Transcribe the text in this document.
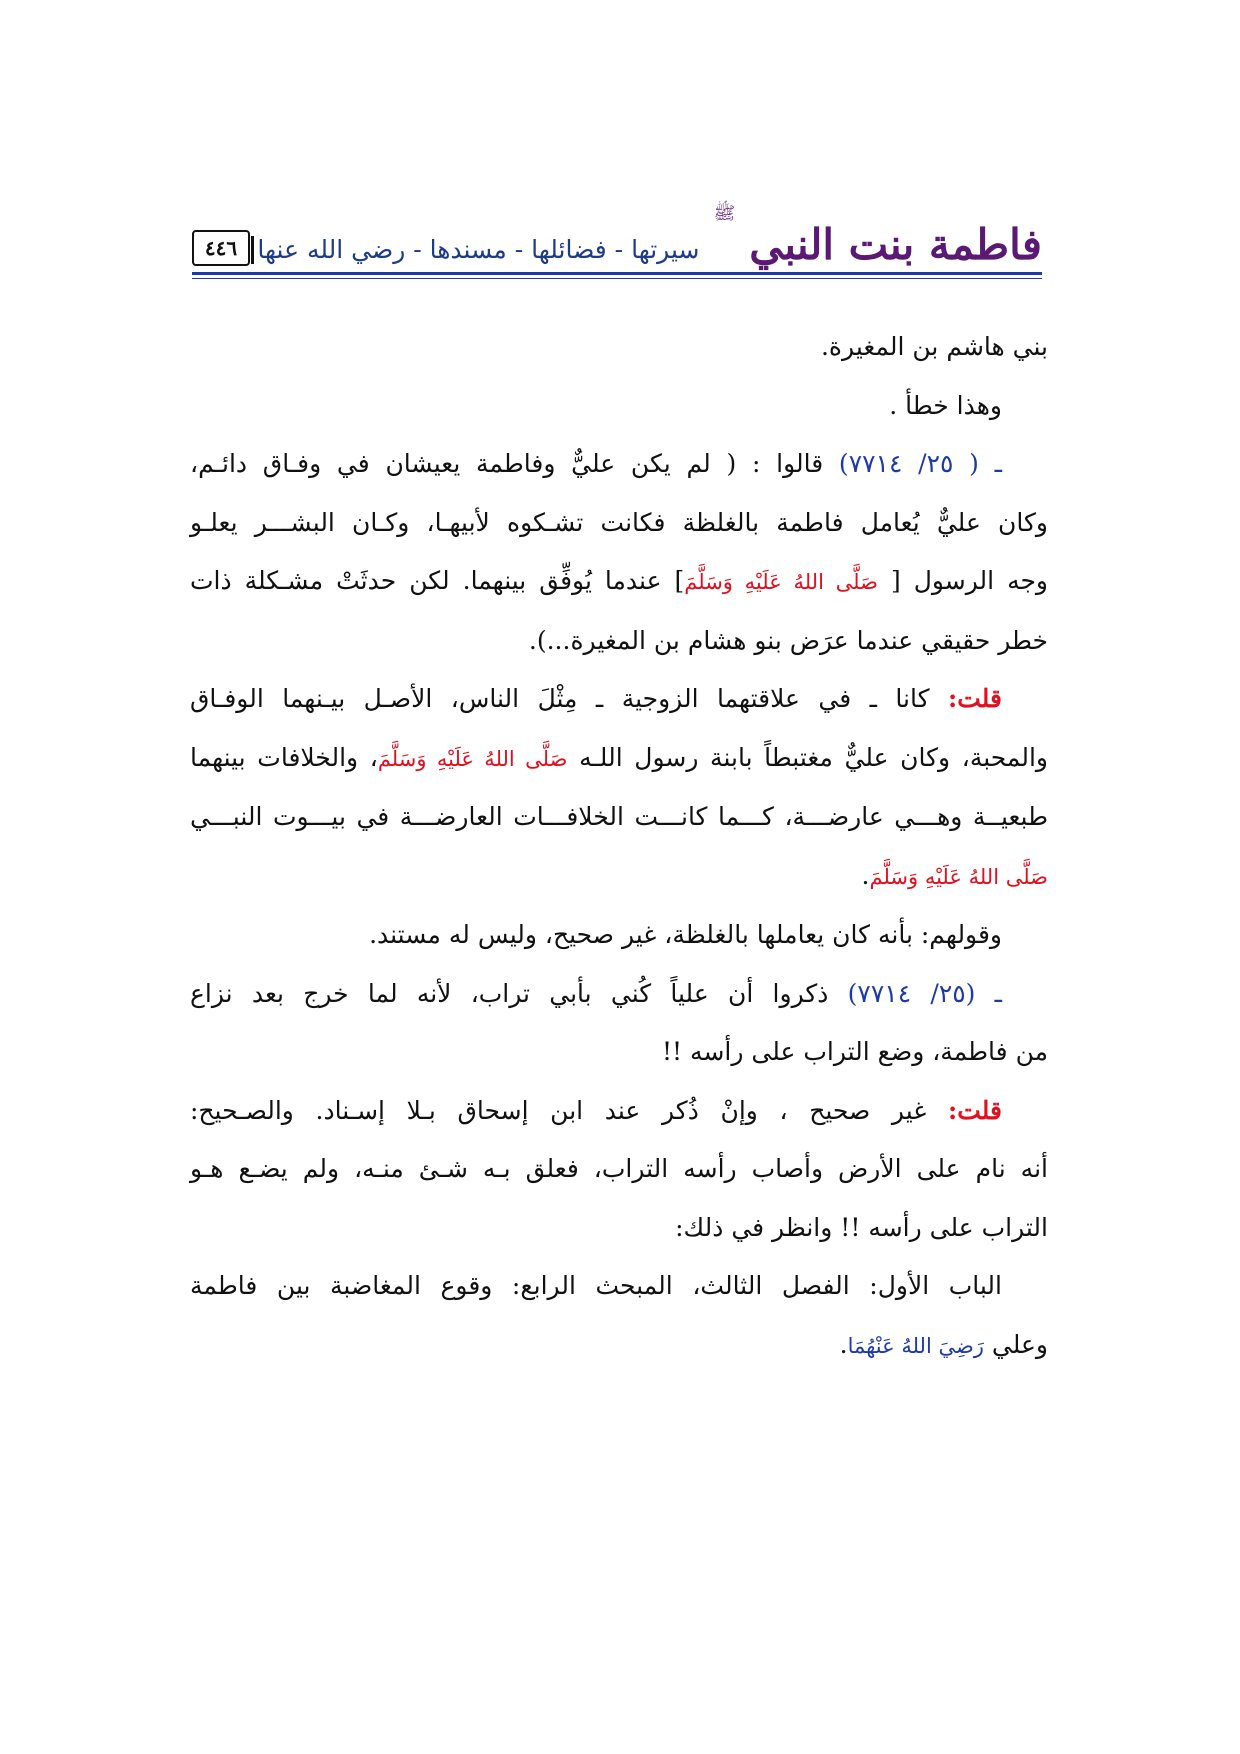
فاطمة بنت النبي
ﷺ
سيرتها - فضائلها - مسندها - رضي الله عنها
٤٤٦

بني هاشم بن المغيرة.

وهذا خطأ .

ـ ( ٢٥/ ٧٧١٤) قالوا : ( لم يكن عليٌّ وفاطمة يعيشان في وفـاق دائـم،

وكان عليٌّ يُعامل فاطمة بالغلظة فكانت تشـكوه لأبيهـا، وكـان البشـــر يعلـو

وجه الرسول [ صَلَّى اللهُ عَلَيْهِ وَسَلَّمَ] عندما يُوفِّق بينهما. لكن حدثَتْ مشـكلة ذات

خطر حقيقي عندما عرَض بنو هشام بن المغيرة...).

قلت: كانا ـ في علاقتهما الزوجية ـ مِثْلَ الناس، الأصـل بيـنهما الوفـاق

والمحبة، وكان عليٌّ مغتبطاً بابنة رسول اللـه صَلَّى اللهُ عَلَيْهِ وَسَلَّمَ، والخلافات بينهما

طبعيــة وهـــي عارضـــة، كـــما كانـــت الخلافـــات العارضـــة في بيـــوت النبـــي

صَلَّى اللهُ عَلَيْهِ وَسَلَّمَ.

وقولهم: بأنه كان يعاملها بالغلظة، غير صحيح، وليس له مستند.

ـ (٢٥/ ٧٧١٤) ذكروا أن علياً كُني بأبي تراب، لأنه لما خرج بعد نزاع

من فاطمة، وضع التراب على رأسه !!

قلت: غير صحيح ، وإنْ ذُكر عند ابن إسحاق بـلا إسـناد. والصـحيح:

أنه نام على الأرض وأصاب رأسه التراب، فعلق بـه شـئ منـه، ولم يضـع هـو

التراب على رأسه !! وانظر في ذلك:

الباب الأول: الفصل الثالث، المبحث الرابع: وقوع المغاضبة بين فاطمة

وعلي رَضِيَ اللهُ عَنْهُمَا.
